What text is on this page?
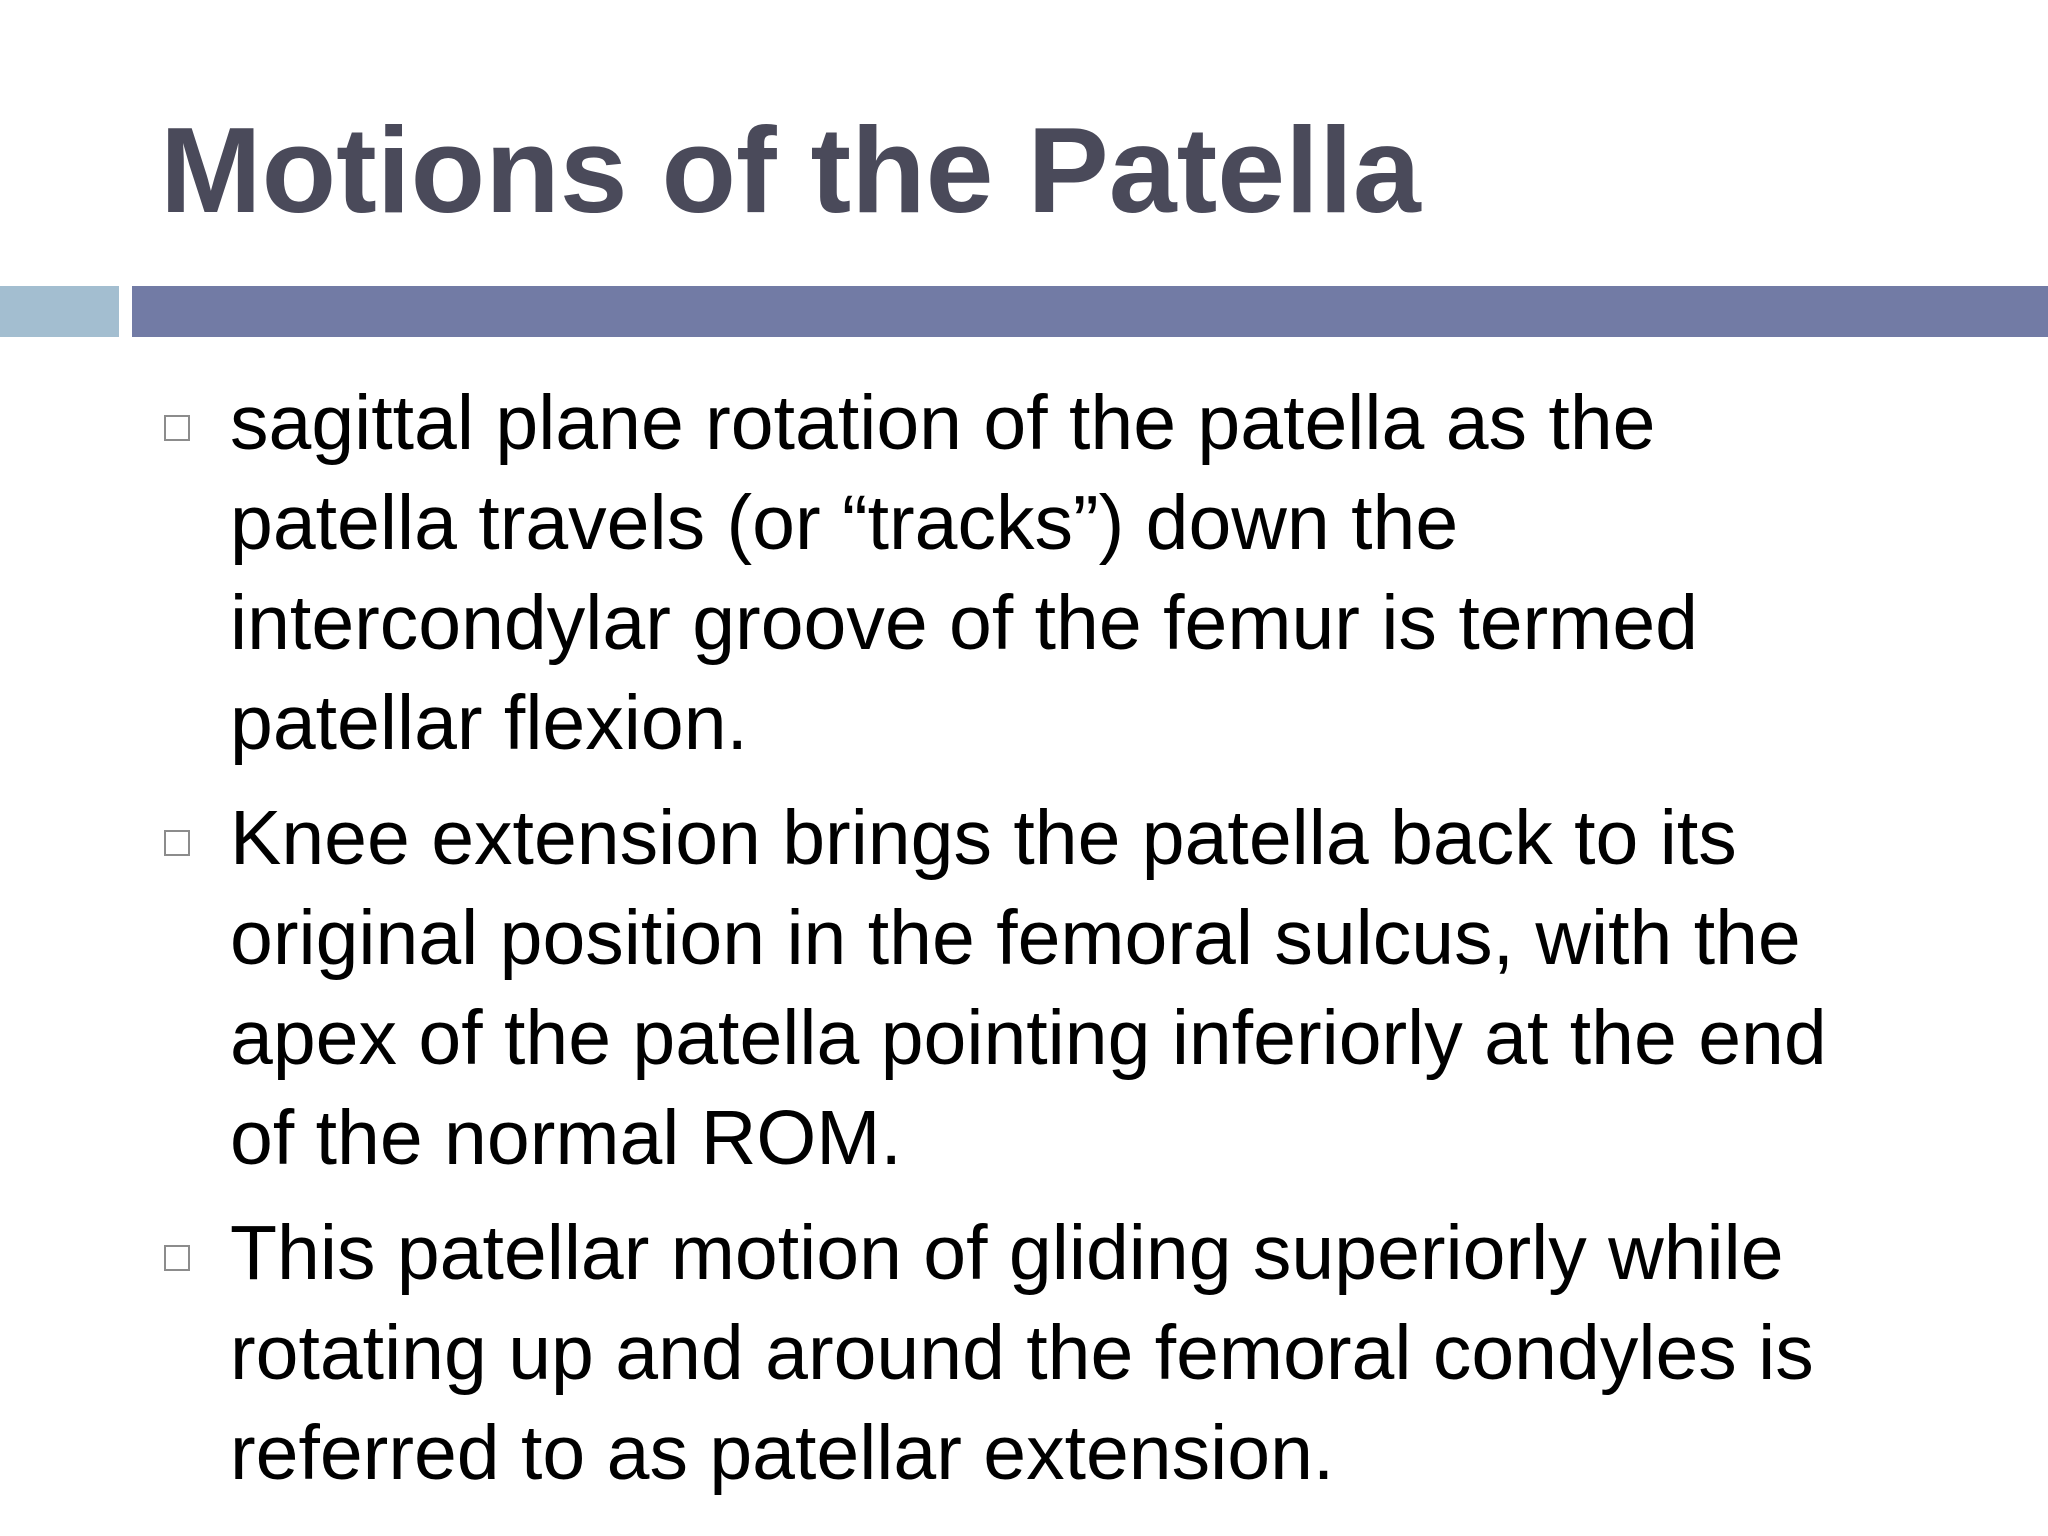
Motions of the Patella

sagittal plane rotation of the patella as the
patella travels (or “tracks”) down the
intercondylar groove of the femur is termed
patellar flexion.

Knee extension brings the patella back to its
original position in the femoral sulcus, with the
apex of the patella pointing inferiorly at the end
of the normal ROM.

This patellar motion of gliding superiorly while
rotating up and around the femoral condyles is
referred to as patellar extension.
